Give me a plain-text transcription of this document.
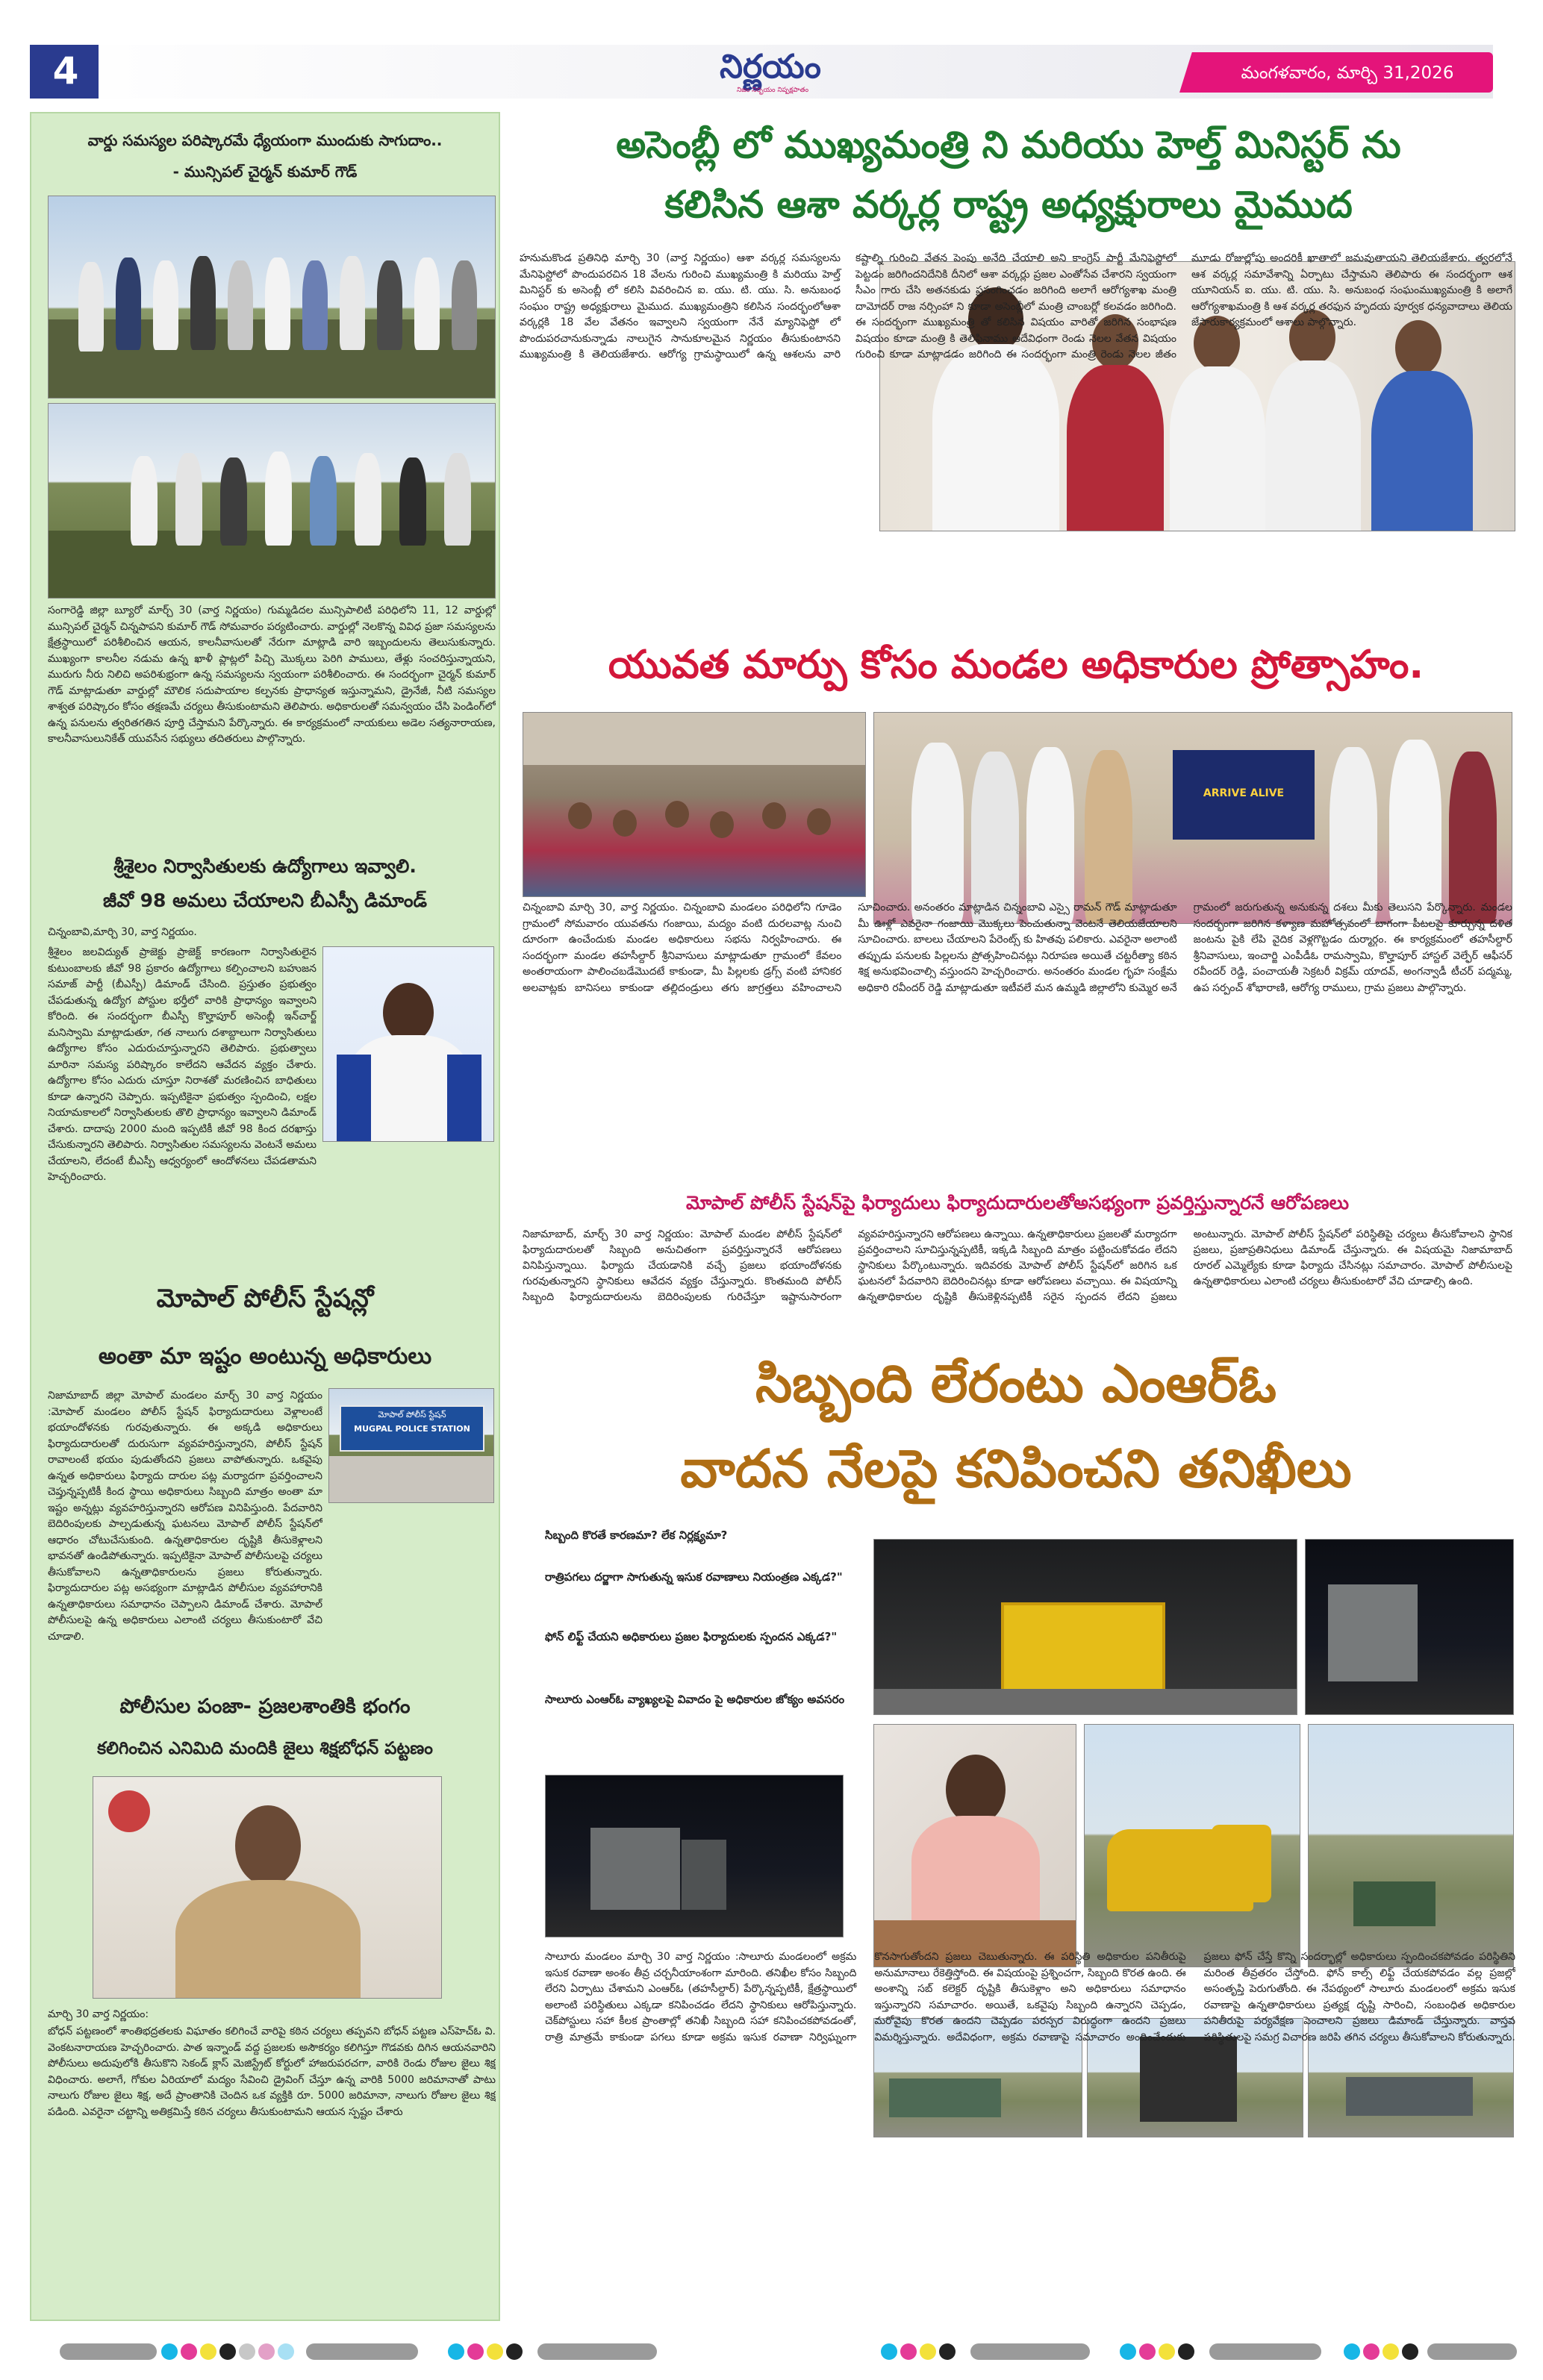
4	నిర్ణయం
నిజం నిర్భయం నిష్పక్షపాతం
మంగళవారం, మార్చి 31,2026
వార్డు సమస్యల పరిష్కారమే ధ్యేయంగా ముందుకు సాగుదాం..
- మున్సిపల్ చైర్మన్ కుమార్ గౌడ్
సంగారెడ్డి జిల్లా బ్యూరో మార్చ్ 30 (వార్త నిర్ణయం) గుమ్మడిదల మున్సిపాలిటీ పరిధిలోని 11, 12 వార్డుల్లో మున్సిపల్ చైర్మన్ చిన్నపాపని కుమార్ గౌడ్ సోమవారం పర్యటించారు. వార్డుల్లో నెలకొన్న వివిధ ప్రజా సమస్యలను క్షేత్రస్థాయిలో పరిశీలించిన ఆయన, కాలనీవాసులతో నేరుగా మాట్లాడి వారి ఇబ్బందులను తెలుసుకున్నారు. ముఖ్యంగా కాలనీల నడుమ ఉన్న ఖాళీ ప్లాట్లలో పిచ్చి మొక్కలు పెరిగి పాములు, తేళ్లు సంచరిస్తున్నాయని, మురుగు నీరు నిలిచి అపరిశుభ్రంగా ఉన్న సమస్యలను స్వయంగా పరిశీలించారు. ఈ సందర్భంగా చైర్మన్ కుమార్ గౌడ్ మాట్లాడుతూ వార్డుల్లో మౌలిక సదుపాయాల కల్పనకు ప్రాధాన్యత ఇస్తున్నామని, డ్రైనేజీ, నీటి సమస్యల శాశ్వత పరిష్కారం కోసం తక్షణమే చర్యలు తీసుకుంటామని తెలిపారు. అధికారులతో సమన్వయం చేసి పెండింగ్‌లో ఉన్న పనులను త్వరితగతిన పూర్తి చేస్తామని పేర్కొన్నారు. ఈ కార్యక్రమంలో నాయకులు అడెల సత్యనారాయణ, కాలనీవాసులునికేత్ యువసేన సభ్యులు తదితరులు పాల్గొన్నారు.
శ్రీశైలం నిర్వాసితులకు ఉద్యోగాలు ఇవ్వాలి.
జీవో 98 అమలు చేయాలని బీఎస్పీ డిమాండ్
చిన్నంబావి,మార్చి 30, వార్త నిర్ణయం.
శ్రీశైలం జలవిద్యుత్ ప్రాజెక్టు ప్రాజెక్ట్ కారణంగా నిర్వాసితులైన కుటుంబాలకు జీవో 98 ప్రకారం ఉద్యోగాలు కల్పించాలని బహుజన సమాజ్ పార్టీ (బీఎస్పీ) డిమాండ్ చేసింది. ప్రస్తుతం ప్రభుత్వం చేపడుతున్న ఉద్యోగ పోస్టుల భర్తీలో వారికి ప్రాధాన్యం ఇవ్వాలని కోరింది. ఈ సందర్భంగా బీఎస్పీ కొల్హాపూర్ అసెంబ్లీ ఇన్‌చార్జ్ మనిస్వామి మాట్లాడుతూ, గత నాలుగు దశాబ్దాలుగా నిర్వాసితులు ఉద్యోగాల కోసం ఎదురుచూస్తున్నారని తెలిపారు. ప్రభుత్వాలు మారినా సమస్య పరిష్కారం కాలేదని ఆవేదన వ్యక్తం చేశారు. ఉద్యోగాల కోసం ఎదురు చూస్తూ నిరాశతో మరణించిన బాధితులు కూడా ఉన్నారని చెప్పారు. ఇప్పటికైనా ప్రభుత్వం స్పందించి, లక్షల నియామకాలలో నిర్వాసితులకు తొలి ప్రాధాన్యం ఇవ్వాలని డిమాండ్ చేశారు. దాదాపు 2000 మంది ఇప్పటికీ జీవో 98 కింద దరఖాస్తు చేసుకున్నారని తెలిపారు. నిర్వాసితుల సమస్యలను వెంటనే అమలు చేయాలని, లేదంటే బీఎస్పీ ఆధ్వర్యంలో ఆందోళనలు చేపడతామని హెచ్చరించారు.
మోపాల్ పోలీస్ స్టేషన్లో
అంతా మా ఇష్టం అంటున్న అధికారులు
మోపాల్ పోలీస్ స్టేషన్
MUGPAL POLICE STATION
నిజామాబాద్ జిల్లా మోపాల్ మండలం మార్చ్ 30 వార్త నిర్ణయం :మోపాల్ మండలం పోలీస్ స్టేషన్ ఫిర్యాదుదారులు వెళ్లాలంటే భయాందోళనకు గురవుతున్నారు. ఈ అక్కడి అధికారులు ఫిర్యాదుదారులతో దురుసుగా వ్యవహరిస్తున్నారని, పోలీస్ స్టేషన్ రావాలంటే భయం పుడుతోందని ప్రజలు వాపోతున్నారు. ఒకవైపు ఉన్నత అధికారులు ఫిర్యాదు దారుల పట్ల మర్యాదగా ప్రవర్తించాలని చెప్తున్నప్పటికీ కింద స్థాయి అధికారులు సిబ్బంది మాత్రం అంతా మా ఇష్టం అన్నట్లు వ్యవహరిస్తున్నారని ఆరోపణ వినిపిస్తుంది. పేదవారిని బెదిరింపులకు పాల్పడుతున్న ఘటనలు మోపాల్ పోలీస్ స్టేషన్‌లో ఆధారం చోటుచేసుకుంది. ఉన్నతాధికారుల దృష్టికి తీసుకెళ్లాలని భావనతో ఉండిపోతున్నారు. ఇప్పటికైనా మోపాల్ పోలీసులపై చర్యలు తీసుకోవాలని ఉన్నతాధికారులను ప్రజలు కోరుతున్నారు. ఫిర్యాదుదారుల పట్ల అసభ్యంగా మాట్లాడిన పోలీసుల వ్యవహారానికి ఉన్నతాధికారులు సమాధానం చెప్పాలని డిమాండ్ చేశారు. మోపాల్ పోలీసులపై ఉన్న అధికారులు ఎలాంటి చర్యలు తీసుకుంటారో వేచి చూడాలి.
పోలీసుల పంజా- ప్రజలశాంతికి భంగం
కలిగించిన ఎనిమిది మందికి జైలు శిక్షబోధన్ పట్టణం
మార్చి 30 వార్త నిర్ణయం:
బోధన్ పట్టణంలో శాంతిభద్రతలకు విఘాతం కలిగించే వారిపై కఠిన చర్యలు తప్పవని బోధన్ పట్టణ ఎస్‌హెచ్ఓ వి. వెంకటనారాయణ హెచ్చరించారు. పాత ఇన్నాండ్ వద్ద ప్రజలకు అసౌకర్యం కలిగిస్తూ గొడవకు దిగిన ఆయనవారిని పోలీసులు అదుపులోకి తీసుకొని సెకండ్ క్లాస్ మెజిస్ట్రేట్ కోర్టులో హాజరుపరచగా, వారికి రెండు రోజుల జైలు శిక్ష విధించారు. అలాగే, గోకుల ఏరియాలో మద్యం సేవించి డ్రైవింగ్ చేస్తూ ఉన్న వారికి 5000 జరిమానాతో పాటు నాలుగు రోజుల జైలు శిక్ష, అదే ప్రాంతానికి చెందిన ఒక వ్యక్తికి రూ. 5000 జరిమానా, నాలుగు రోజుల జైలు శిక్ష పడింది. ఎవరైనా చట్టాన్ని అతిక్రమిస్తే కఠిన చర్యలు తీసుకుంటామని ఆయన స్పష్టం చేశారు
అసెంబ్లీ లో ముఖ్యమంత్రి ని మరియు హెల్త్ మినిస్టర్ ను
కలిసిన ఆశా వర్కర్ల రాష్ట్ర అధ్యక్షురాలు మైముద
హనుమకొండ ప్రతినిధి మార్చి 30 (వార్త నిర్ణయం) ఆశా వర్కర్ల సమస్యలను మేనిఫెస్టోలో పొందుపరచిన 18 వేలను గురించి ముఖ్యమంత్రి కి మరియు హెల్త్ మినిస్టర్ కు అసెంబ్లీ లో కలిసి వివరించిన ఐ. యు. టి. యు. సి. అనుబంధ సంఘం రాష్ట్ర అధ్యక్షురాలు మైముద. ముఖ్యమంత్రిని కలిసిన సందర్భంలోఆశా వర్కర్లకి 18 వేల వేతనం ఇవ్వాలని స్వయంగా నేనే మ్యానిఫెస్టో లో పొందుపరచానుకున్నాడు నాలుగైన సానుకూలమైన నిర్ణయం తీసుకుంటానని ముఖ్యమంత్రి కి తెలియజేశారు. ఆరోగ్య గ్రామస్థాయిలో ఉన్న ఆశలను వారి కష్టాల్ని గురించి వేతన పెంపు అనేది చేయాలి అని కాంగ్రెస్ పార్టీ మేనిఫెస్టోలో పెట్టడం జరిగిందనిదేనికి దీనిలో ఆశా వర్కర్లు ప్రజల ఎంతోసేవ చేశారని స్వయంగా సీఎం గారు చేసి అతనకుడు ప్రసంగించడం జరిగింది అలాగే ఆరోగ్యశాఖ మంత్రి దామోదర్ రాజ నర్సింహా ని కూడా అసెంబ్లీలో మంత్రి చాంబర్లో కలవడం జరిగింది. ఈ సందర్భంగా ముఖ్యమంత్రి తో కలిసిన విషయం వారితో జరిగిన సంభాషణ విషయం కూడా మంత్రి కి తెలిపినాము ఆదేవిధంగా రెండు నెలల వేతన విషయం గురించి కూడా మాట్లాడడం జరిగింది ఈ సందర్భంగా మంత్రి రెండు నెలల జీతం మూడు రోజుల్లోపు అందరికీ ఖాతాలో జమవుతాయని తెలియజేశారు. త్వరలోనే ఆశ వర్కర్ల సమావేశాన్ని ఏర్పాటు చేస్తామని తెలిపారు ఈ సందర్భంగా ఆశ యూనియన్ ఐ. యు. టి. యు. సి. అనుబంధ సంఘంముఖ్యమంత్రి కి అలాగే ఆరోగ్యశాఖమంత్రి కి ఆశ వర్కర్ల తరఫున హృదయ పూర్వక ధన్యవాదాలు తెలియ జేసారుకార్యక్రమంలో ఆశాలు పాల్గొన్నారు.
యువత మార్పు కోసం మండల అధికారుల ప్రోత్సాహం.
ARRIVE ALIVE
చిన్నంబావి మార్చి 30, వార్త నిర్ణయం. చిన్నంబావి మండలం పరిధిలోని గూడెం గ్రామంలో సోమవారం యువతను గంజాయి, మద్యం వంటి దురలవాట్ల నుంచి దూరంగా ఉంచేందుకు మండల అధికారులు సభను నిర్వహించారు. ఈ సందర్భంగా మండల తహసీల్దార్ శ్రీనివాసులు మాట్లాడుతూ గ్రామంలో కేవలం అంతరాయంగా పాలించబడేమొదటే కాకుండా, మీ పిల్లలకు డ్రగ్స్ వంటి హానికర అలవాట్లకు బానిసలు కాకుండా తల్లిదండ్రులు తగు జాగ్రత్తలు వహించాలని సూచించారు. అనంతరం మాట్లాడిన చిన్నంబావి ఎస్సై రామన్ గౌడ్ మాట్లాడుతూ మీ ఊళ్లో ఎవరైనా గంజాయి మొక్కలు పెంచుతున్నా వెంటనే తెలియజేయాలని సూచించారు. బాలలు చేయాలని పేరెంట్స్ కు హితవు పలికారు. ఎవరైనా అలాంటి తప్పుడు పనులకు పిల్లలను ప్రోత్సహించినట్లు నిరూపణ అయితే చట్టరీత్యా కఠిన శిక్ష అనుభవించాల్సి వస్తుందని హెచ్చరించారు. అనంతరం మండల గృహ సంక్షేమ అధికారి రవీందర్ రెడ్డి మాట్లాడుతూ ఇటీవలే మన ఉమ్మడి జిల్లాలోని కుమ్మెర అనే గ్రామంలో జరుగుతున్న అనుకున్న దశలు మీకు తెలుసని పేర్కొన్నారు. మండల సందర్భంగా జరిగిన కళ్యాణ మహోత్సవంలో బాగంగా పీటలపై కూర్చున్న దళిత జంటను పైకి లేపి వైదిక వెళ్లగొట్టడం దుర్మార్గం. ఈ కార్యక్రమంలో తహసీల్దార్ శ్రీనివాసులు, ఇంచార్జి ఎంపీడీఓ రామస్వామి, కొల్హాపూర్ హాస్టల్ వెల్ఫేర్ ఆఫీసర్ రవీందర్ రెడ్డి, పంచాయతీ సెక్రటరీ విక్రమ్ యాదవ్, అంగన్వాడీ టీచర్ పద్మమ్మ, ఉప సర్పంచ్ శోభారాణి, ఆరోగ్య రాములు, గ్రామ ప్రజలు పాల్గొన్నారు.
మోపాల్ పోలీస్ స్టేషన్‌పై ఫిర్యాదులు ఫిర్యాదుదారులతోఅసభ్యంగా ప్రవర్తిస్తున్నారనే ఆరోపణలు
నిజామాబాద్, మార్చ్ 30 వార్త నిర్ణయం: మోపాల్ మండల పోలీస్ స్టేషన్‌లో ఫిర్యాదుదారులతో సిబ్బంది అనుచితంగా ప్రవర్తిస్తున్నారనే ఆరోపణలు వినిపిస్తున్నాయి. ఫిర్యాదు చేయడానికి వచ్చే ప్రజలు భయాందోళనకు గురవుతున్నారని స్థానికులు ఆవేదన వ్యక్తం చేస్తున్నారు. కొంతమంది పోలీస్ సిబ్బంది ఫిర్యాదుదారులను బెదిరింపులకు గురిచేస్తూ ఇష్టానుసారంగా వ్యవహరిస్తున్నారని ఆరోపణలు ఉన్నాయి. ఉన్నతాధికారులు ప్రజలతో మర్యాదగా ప్రవర్తించాలని సూచిస్తున్నప్పటికీ, ఇక్కడి సిబ్బంది మాత్రం పట్టించుకోవడం లేదని స్థానికులు పేర్కొంటున్నారు. ఇదివరకు మోపాల్ పోలీస్ స్టేషన్‌లో జరిగిన ఒక ఘటనలో పేదవారిని బెదిరించినట్లు కూడా ఆరోపణలు వచ్చాయి. ఈ విషయాన్ని ఉన్నతాధికారుల దృష్టికి తీసుకెళ్లినప్పటికీ సరైన స్పందన లేదని ప్రజలు అంటున్నారు. మోపాల్ పోలీస్ స్టేషన్‌లో పరిస్థితిపై చర్యలు తీసుకోవాలని స్థానిక ప్రజలు, ప్రజాప్రతినిధులు డిమాండ్ చేస్తున్నారు. ఈ విషయమై నిజామాబాద్ రూరల్ ఎమ్మెల్యేకు కూడా ఫిర్యాదు చేసినట్లు సమాచారం. మోపాల్ పోలీసులపై ఉన్నతాధికారులు ఎలాంటి చర్యలు తీసుకుంటారో వేచి చూడాల్సి ఉంది.
సిబ్బంది లేరంటు ఎంఆర్ఓ
వాదన నేలపై కనిపించని తనిఖీలు
సిబ్బంది కొరతే కారణమా? లేక నిర్లక్ష్యమా?
రాత్రిపగలు దర్జాగా సాగుతున్న ఇసుక రవాణాలు నియంత్రణ ఎక్కడ?"
ఫోన్ లిఫ్ట్ చేయని అధికారులు ప్రజల ఫిర్యాదులకు స్పందన ఎక్కడ?"
సాలూరు ఎంఆర్ఓ వ్యాఖ్యలపై వివాదం పై అధికారుల జోక్యం అవసరం
సాలూరు మండలం మార్చి 30 వార్త నిర్ణయం :సాలూరు మండలంలో అక్రమ ఇసుక రవాణా అంశం తీవ్ర చర్చనీయాంశంగా మారింది. తనిఖీల కోసం సిబ్బంది లేరని ఏర్పాటు చేశామని ఎంఆర్ఓ (తహసీల్దార్) పేర్కొన్నప్పటికీ, క్షేత్రస్థాయిలో అలాంటి పరిస్థితులు ఎక్కడా కనిపించడం లేదని స్థానికులు ఆరోపిస్తున్నారు. చెక్‌పోస్టులు సహా కీలక ప్రాంతాల్లో తనిఖీ సిబ్బంది సహా కనిపించకపోవడంతో, రాత్రి మాత్రమే కాకుండా పగలు కూడా అక్రమ ఇసుక రవాణా నిర్విఘ్నంగా కొనసాగుతోందని ప్రజలు చెబుతున్నారు. ఈ పరిస్థితి అధికారుల పనితీరుపై అనుమానాలు రేకెత్తిస్తోంది. ఈ విషయంపై ప్రశ్నించగా, సిబ్బంది కొరత ఉంది. ఈ అంశాన్ని సబ్ కలెక్టర్ దృష్టికి తీసుకెళ్లాం అని అధికారులు సమాధానం ఇస్తున్నారని సమాచారం. అయితే, ఒకవైపు సిబ్బంది ఉన్నారని చెప్పడం, మరోవైపు కొరత ఉందని చెప్పడం పరస్పర విరుద్ధంగా ఉందని ప్రజలు విమర్శిస్తున్నారు. అదేవిధంగా, అక్రమ రవాణాపై సమాచారం అందించేందుకు ప్రజలు ఫోన్ చేస్తే కొన్ని సందర్భాల్లో అధికారులు స్పందించకపోవడం పరిస్థితిని మరింత తీవ్రతరం చేస్తోంది. ఫోన్ కాల్స్ లిఫ్ట్ చేయకపోవడం వల్ల ప్రజల్లో అసంతృప్తి పెరుగుతోంది. ఈ నేపథ్యంలో సాలూరు మండలంలో అక్రమ ఇసుక రవాణాపై ఉన్నతాధికారులు ప్రత్యక్ష దృష్టి సారించి, సంబంధిత అధికారుల పనితీరుపై పర్యవేక్షణ పెంచాలని ప్రజలు డిమాండ్ చేస్తున్నారు. వాస్తవ పరిస్థితులపై సమగ్ర విచారణ జరిపి తగిన చర్యలు తీసుకోవాలని కోరుతున్నారు.
